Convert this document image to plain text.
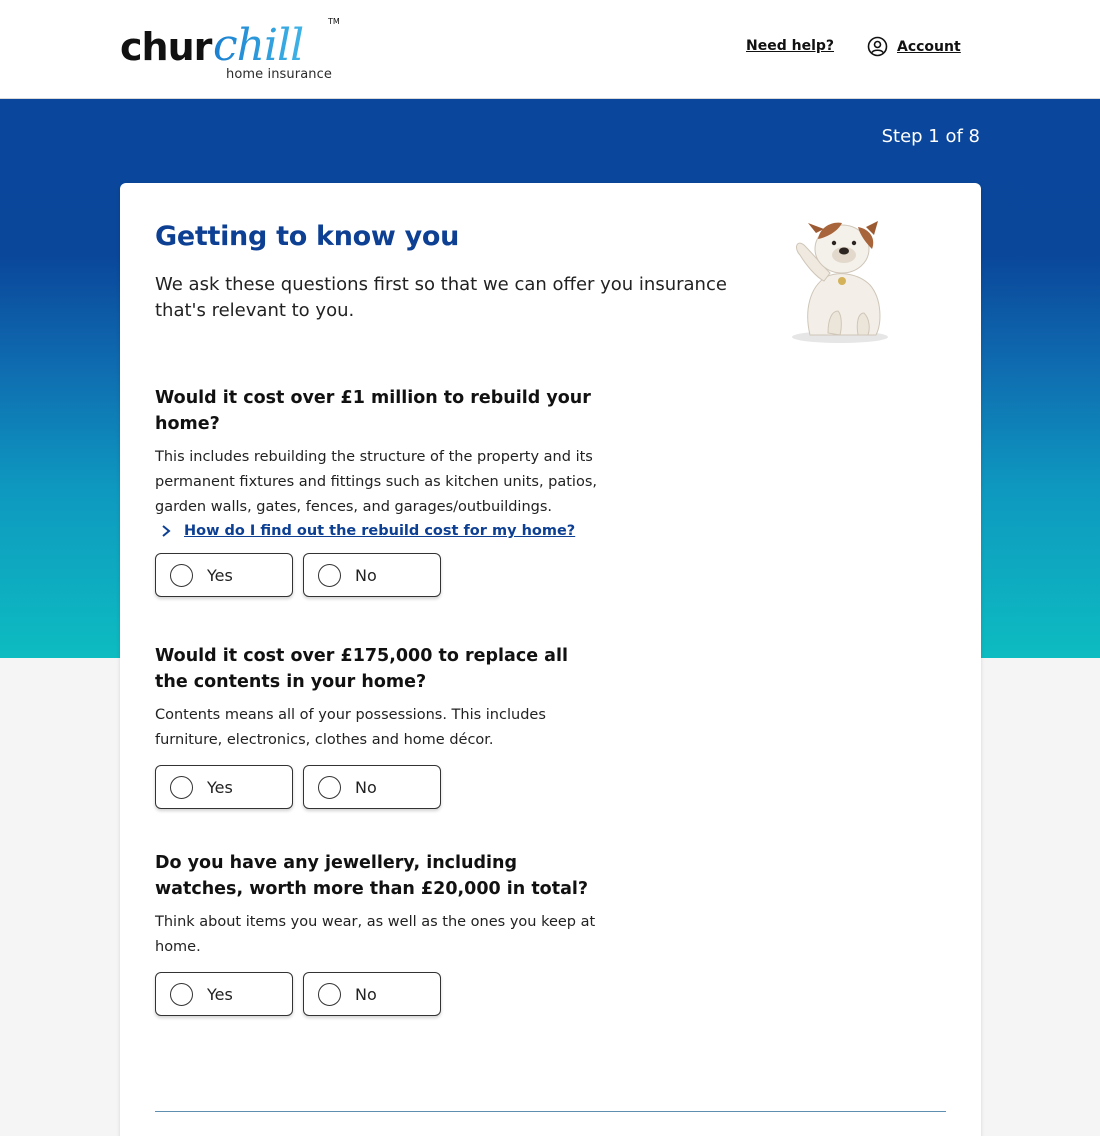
chur chill	TM
home insurance
Need help?	Account
Step 1 of 8
Getting to know you

We ask these questions first so that we can offer you insurance that's relevant to you.

Would it cost over £1 million to rebuild your home?
This includes rebuilding the structure of the property and its permanent fixtures and fittings such as kitchen units, patios, garden walls, gates, fences, and garages/outbuildings.
How do I find out the rebuild cost for my home?
Yes	No
Would it cost over £175,000 to replace all the contents in your home?
Contents means all of your possessions. This includes furniture, electronics, clothes and home décor.
Yes	No
Do you have any jewellery, including watches, worth more than £20,000 in total?
Think about items you wear, as well as the ones you keep at home.
Yes	No
